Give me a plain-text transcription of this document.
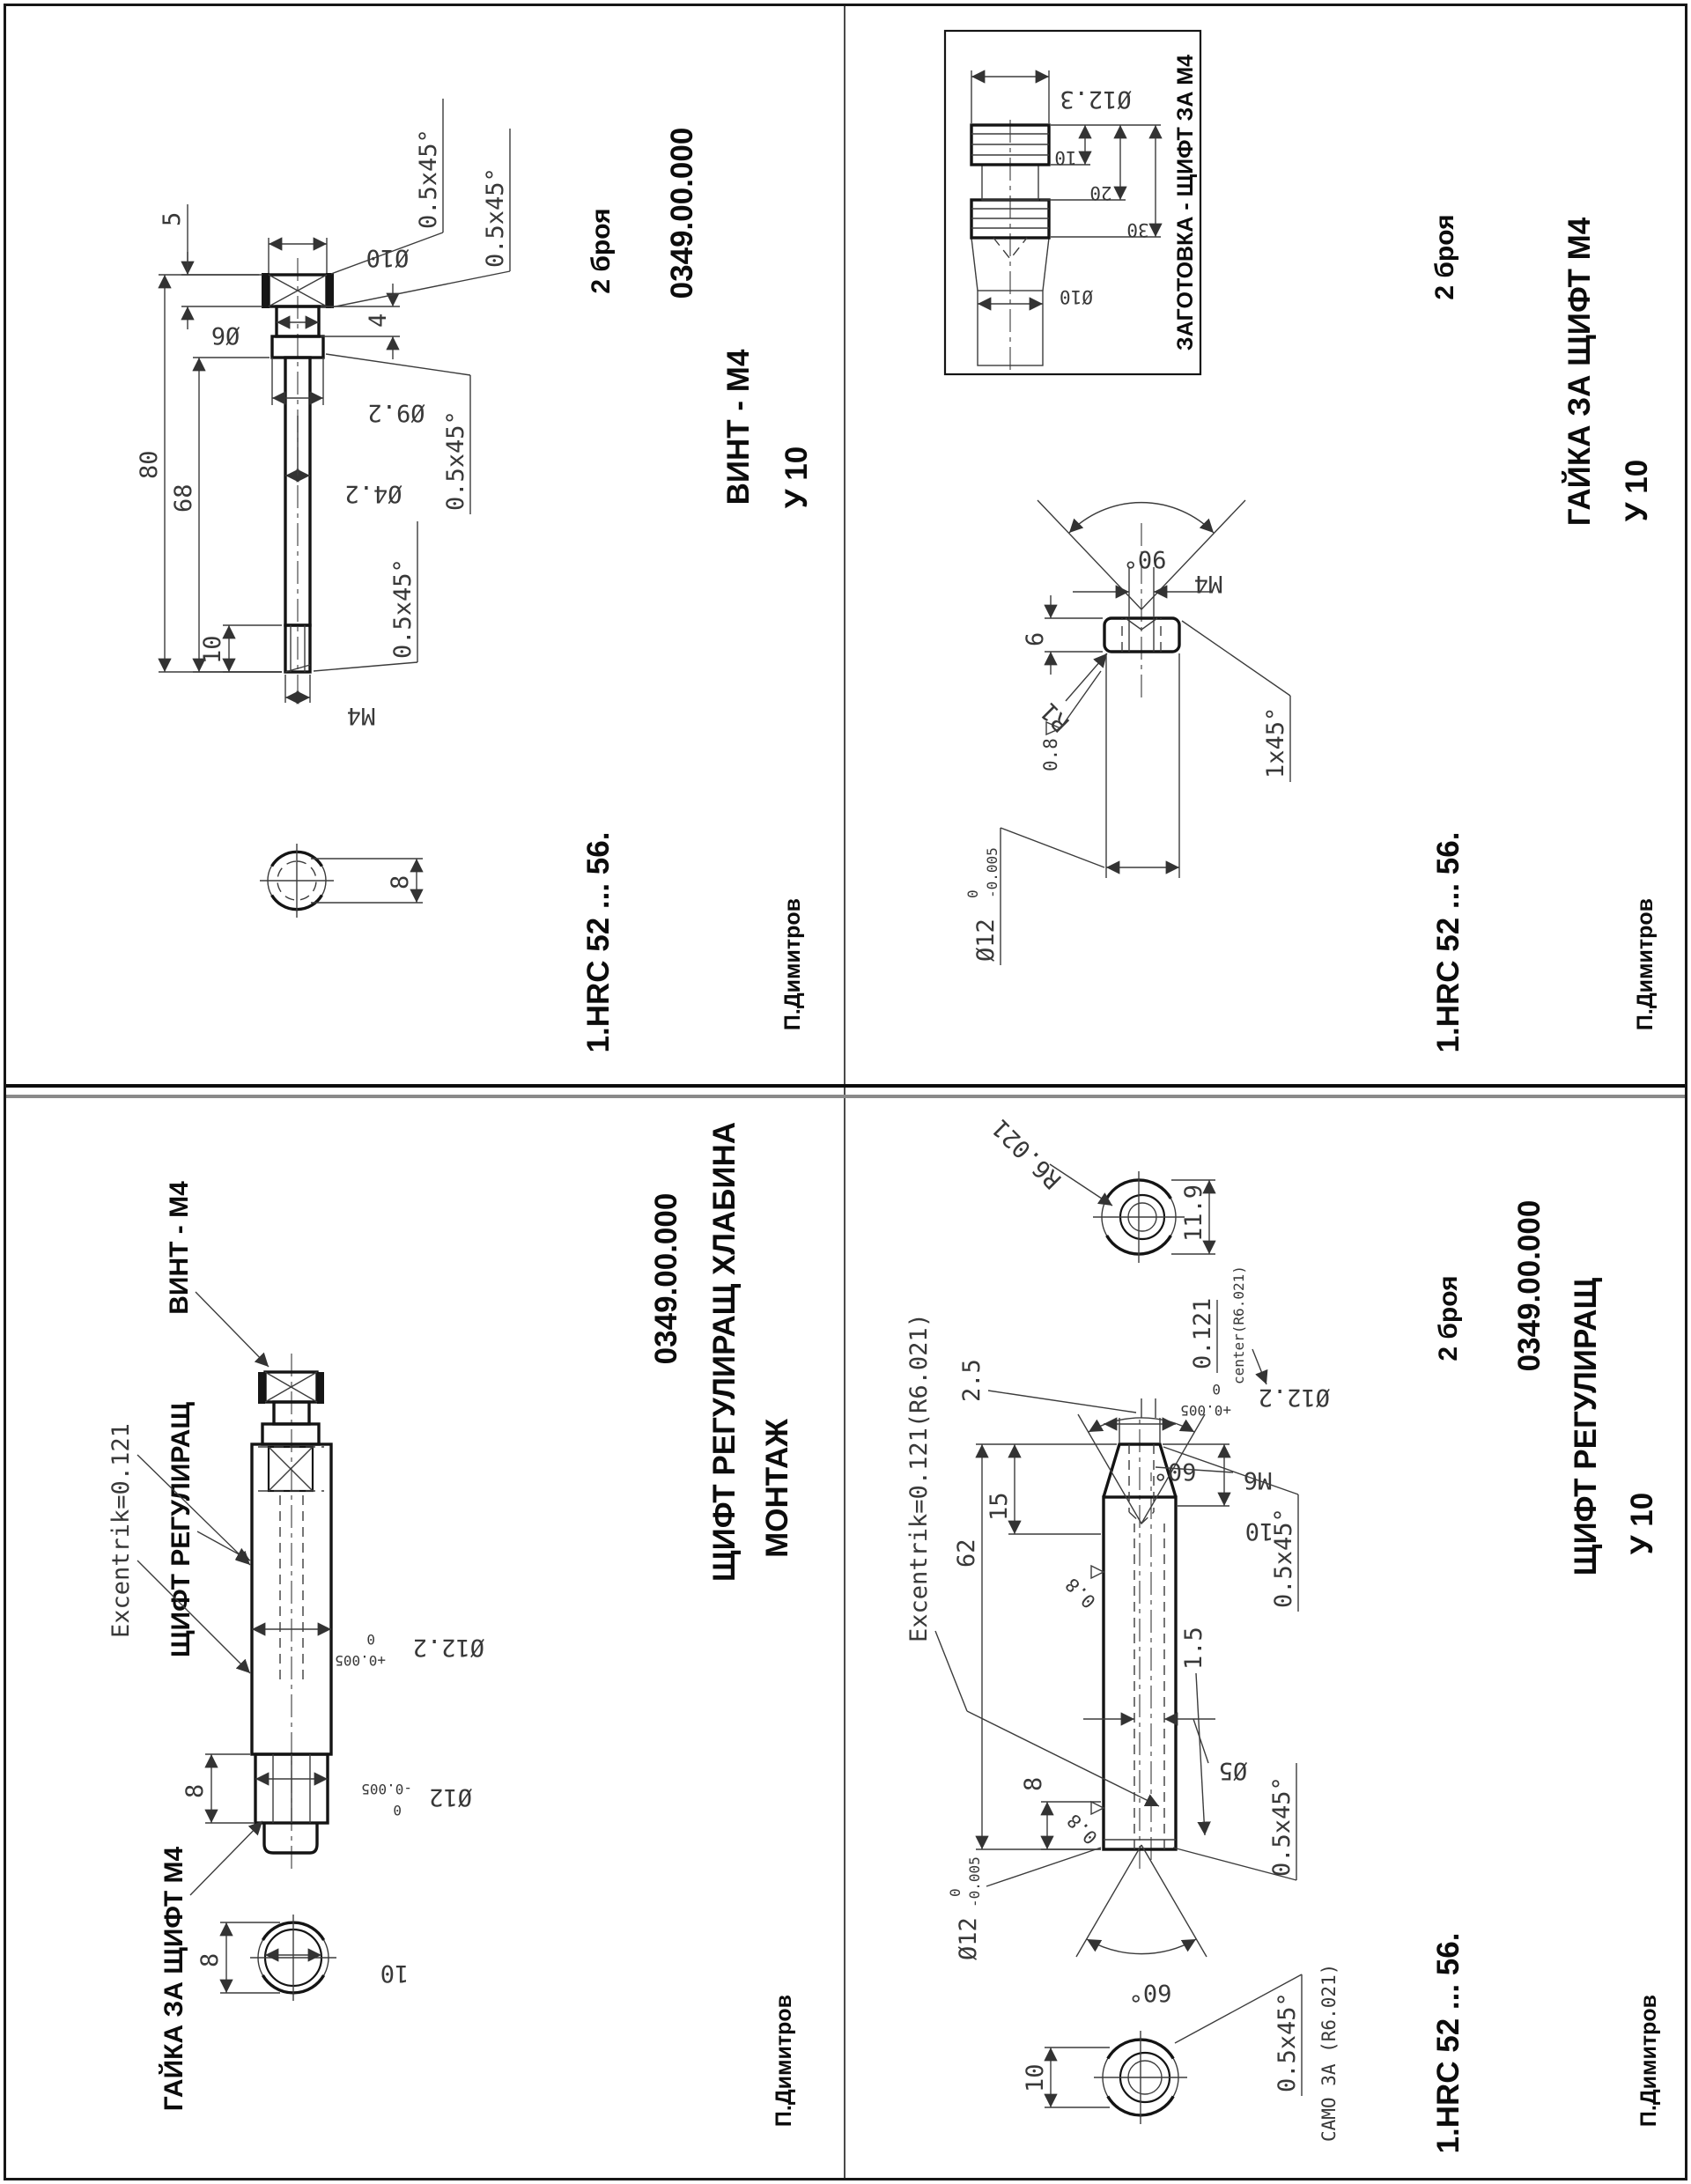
5
80
68
10
Ø10
Ø9.2
Ø6
4
Ø4.2
M4
0.5x45° 0.5x45°
0.5x45°
0.5x45°
8
2 броя 0349.00.000
ВИНТ - М4 У 10
1.HRC 52 ... 56.	П.Димитров
Ø12.3
10
20
30
Ø10	ЗАГОТОВКА - ЩИФТ ЗА М4
90°
M4
6
R1
0.8
Ø12
0 -0.005
1x45°
2 броя	ГАЙКА ЗА ЩИФТ М4 У 10
1.HRC 52 ... 56.	П.Димитров
ВИНТ - М4
ЩИФТ РЕГУЛИРАЩ
ГАЙКА ЗА ЩИФТ М4
Excentrik=0.121
Ø12.2
+0.005
0
Ø12
0
-0.005
8
8	10
0349.00.000 ЩИФТ РЕГУЛИРАЩ ХЛАБИНА МОНТАЖ
П.Димитров
R6.021
11.9
0.121 center(R6.021)
Excentrik=0.121(R6.021) 2.5
60°
62
15
10
M6
Ø12.2
+0.005
0
Ø5
0.8
0.8
0.5x45°
0.5x45°
8
1.5
Ø12
0 -0.005
60°
10	0.5x45° САМО ЗА (R6.021)
2 броя 0349.00.000 ЩИФТ РЕГУЛИРАЩ У 10
1.HRC 52 ... 56.	П.Димитров
